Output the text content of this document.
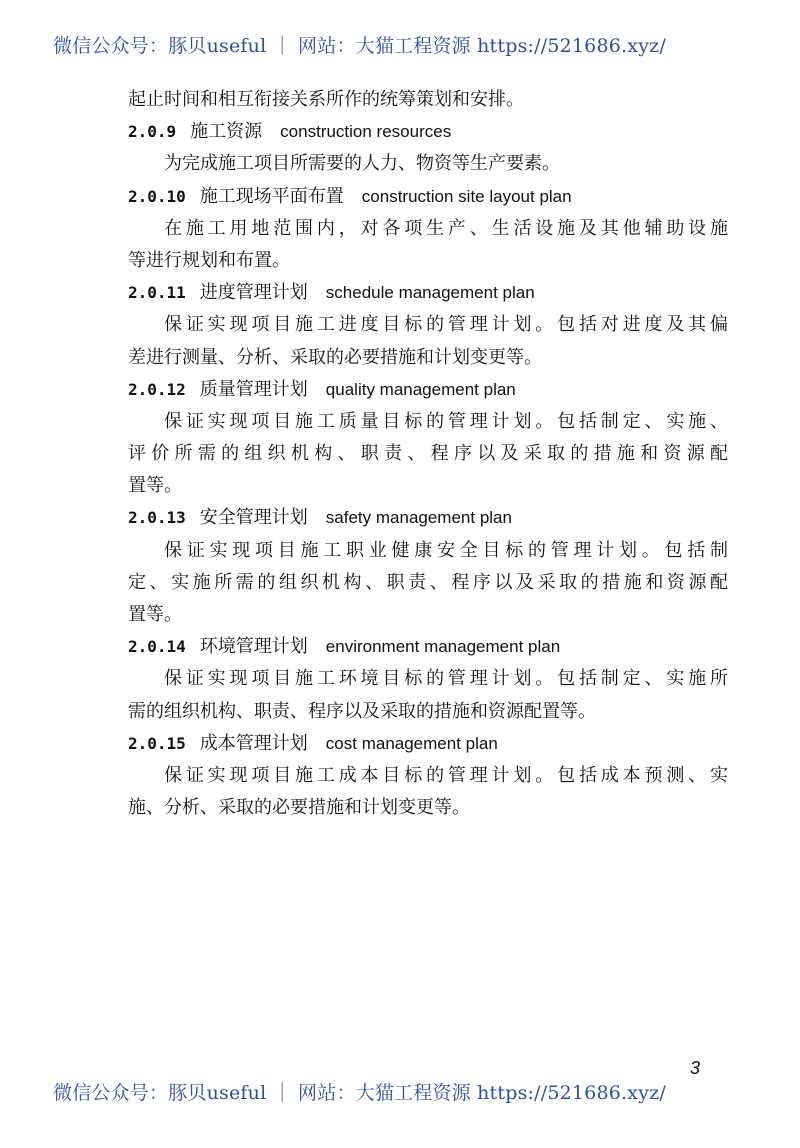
微信公众号：豚贝useful ｜ 网站：大猫工程资源 https://521686.xyz/
起止时间和相互衔接关系所作的统筹策划和安排。
2.0.9 施工资源 construction resources
为完成施工项目所需要的人力、物资等生产要素。
2.0.10 施工现场平面布置 construction site layout plan
在施工用地范围内，对各项生产、生活设施及其他辅助设施
等进行规划和布置。
2.0.11 进度管理计划 schedule management plan
保证实现项目施工进度目标的管理计划。包括对进度及其偏
差进行测量、分析、采取的必要措施和计划变更等。
2.0.12 质量管理计划 quality management plan
保证实现项目施工质量目标的管理计划。包括制定、实施、
评价所需的组织机构、职责、程序以及采取的措施和资源配
置等。
2.0.13 安全管理计划 safety management plan
保证实现项目施工职业健康安全目标的管理计划。包括制
定、实施所需的组织机构、职责、程序以及采取的措施和资源配
置等。
2.0.14 环境管理计划 environment management plan
保证实现项目施工环境目标的管理计划。包括制定、实施所
需的组织机构、职责、程序以及采取的措施和资源配置等。
2.0.15 成本管理计划 cost management plan
保证实现项目施工成本目标的管理计划。包括成本预测、实
施、分析、采取的必要措施和计划变更等。
3
微信公众号：豚贝useful ｜ 网站：大猫工程资源 https://521686.xyz/
